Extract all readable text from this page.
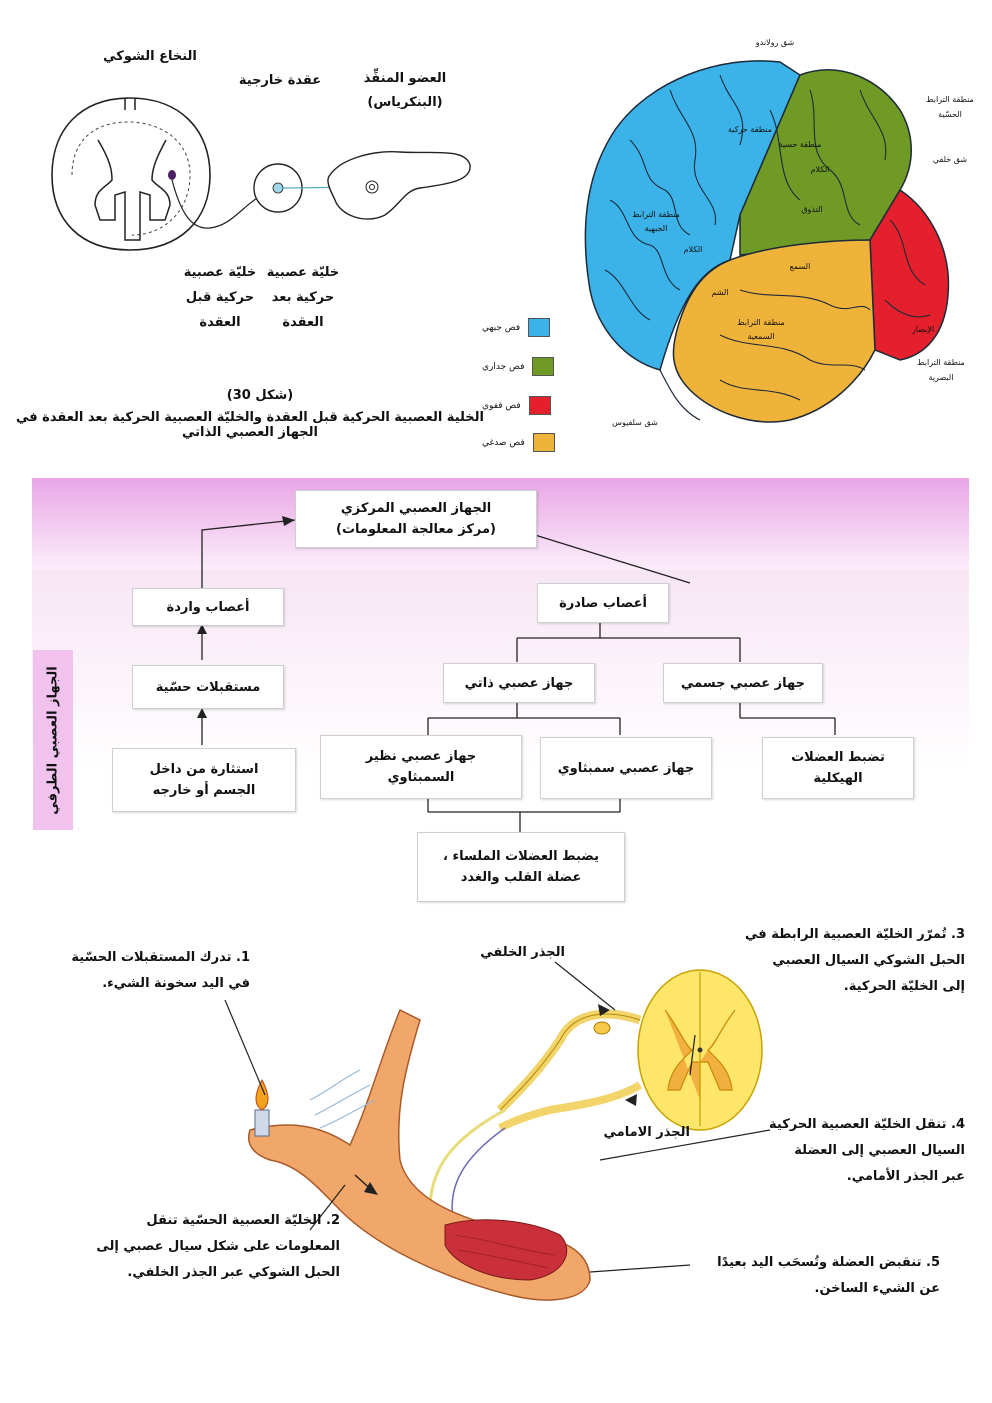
النخاع الشوكي
عقدة خارجية	العضو المنفِّذ
(البنكرياس)
خليّة عصبية
حركية قبل
العقدة
خليّة عصبية
حركية بعد
العقدة
(شكل 30)
الخلية العصبية الحركية قبل العقدة والخليّة العصبية الحركية بعد العقدة في الجهاز العصبي الذاتي
شق رولاندو
منطقة الترابط
الحسّية
شق خلفي
منطقة حركية
منطقة حسية
الكلام
التذوق
منطقة الترابط
الجبهية
الكلام
السمع
الشم
منطقة الترابط
السمعية
الإبصار
منطقة الترابط
البصرية
شق سلفيوس
فص جبهي
فص جداري
فص قفوي
فص صدغي
الجهاز العصبي المركزي
(مركز معالجة المعلومات)
أعصاب واردة	أعصاب صادرة
مستقبلات حسّية
استثارة من داخل
الجسم أو خارجه
جهاز عصبي ذاتي	جهاز عصبي جسمي
جهاز عصبي نظير
السمبثاوي
جهاز عصبي سمبثاوي
تضبط العضلات
الهيكلية
يضبط العضلات الملساء ،
عضلة القلب والغدد
الجهاز العصبي الطرفي
الجذر الخلفي
الجذر الامامي
1. تدرك المستقبلات الحسّية
في اليد سخونة الشيء.
2. الخليّة العصبية الحسّية تنقل
المعلومات على شكل سيال عصبي إلى
الحبل الشوكي عبر الجذر الخلفي.
3. تُمرّر الخليّة العصبية الرابطة في
الحبل الشوكي السيال العصبي
إلى الخليّة الحركية.
4. تنقل الخليّة العصبية الحركية
السيال العصبي إلى العضلة
عبر الجذر الأمامي.
5. تنقبض العضلة وتُسحَب اليد بعيدًا
عن الشيء الساخن.
